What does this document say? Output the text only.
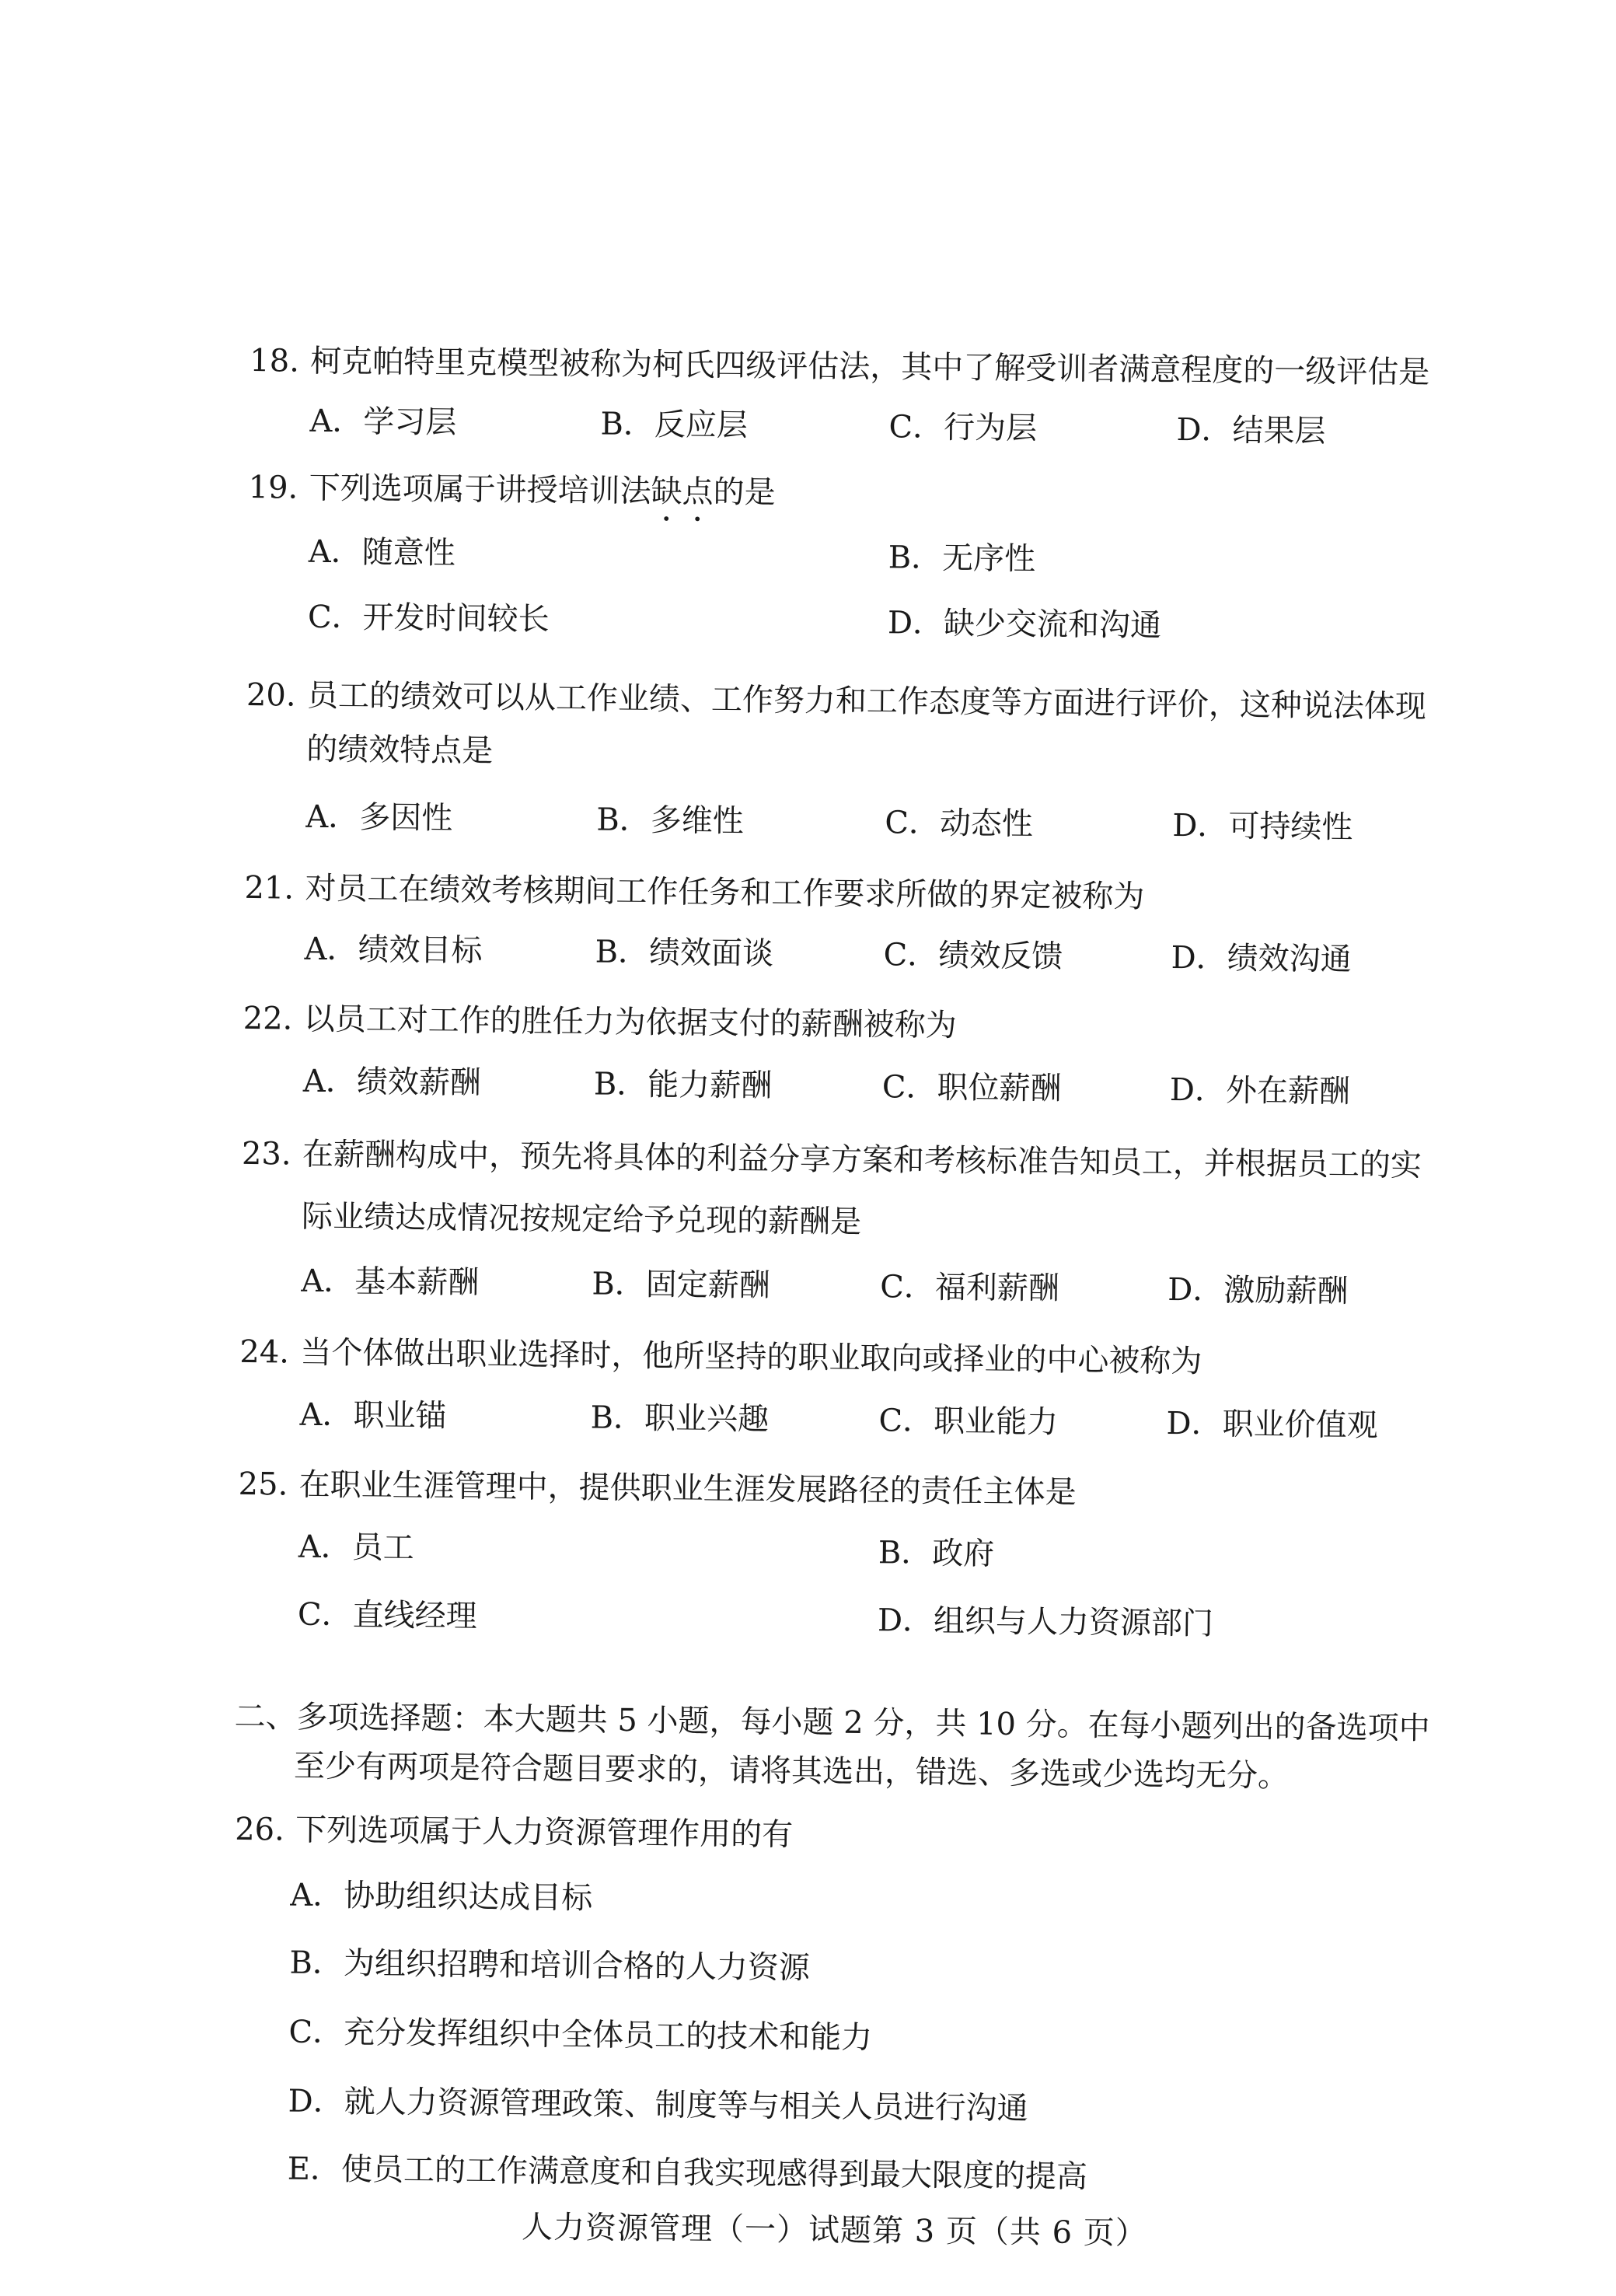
18. 柯克帕特里克模型被称为柯氏四级评估法，其中了解受训者满意程度的一级评估是
A．学习层	B．反应层	C．行为层	D．结果层
19. 下列选项属于讲授培训法缺点的是
A．随意性	B．无序性
C．开发时间较长	D．缺少交流和沟通
20. 员工的绩效可以从工作业绩、工作努力和工作态度等方面进行评价，这种说法体现
的绩效特点是
A．多因性	B．多维性	C．动态性	D．可持续性
21. 对员工在绩效考核期间工作任务和工作要求所做的界定被称为
A．绩效目标	B．绩效面谈	C．绩效反馈	D．绩效沟通
22. 以员工对工作的胜任力为依据支付的薪酬被称为
A．绩效薪酬	B．能力薪酬	C．职位薪酬	D．外在薪酬
23. 在薪酬构成中，预先将具体的利益分享方案和考核标准告知员工，并根据员工的实
际业绩达成情况按规定给予兑现的薪酬是
A．基本薪酬	B．固定薪酬	C．福利薪酬	D．激励薪酬
24. 当个体做出职业选择时，他所坚持的职业取向或择业的中心被称为
A．职业锚	B．职业兴趣	C．职业能力	D．职业价值观
25. 在职业生涯管理中，提供职业生涯发展路径的责任主体是
A．员工	B．政府
C．直线经理	D．组织与人力资源部门
二、多项选择题：本大题共 5 小题，每小题 2 分，共 10 分。在每小题列出的备选项中
至少有两项是符合题目要求的，请将其选出，错选、多选或少选均无分。
26. 下列选项属于人力资源管理作用的有
A．协助组织达成目标
B．为组织招聘和培训合格的人力资源
C．充分发挥组织中全体员工的技术和能力
D．就人力资源管理政策、制度等与相关人员进行沟通
E．使员工的工作满意度和自我实现感得到最大限度的提高
人力资源管理（一）试题第 3 页（共 6 页）
